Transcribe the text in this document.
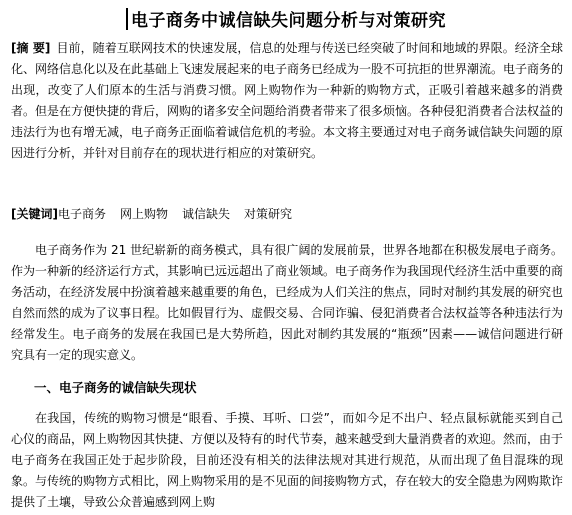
电子商务中诚信缺失问题分析与对策研究
[摘 要] 目前，随着互联网技术的快速发展，信息的处理与传送已经突破了时间和地域的界限。经济全球化、网络信息化以及在此基础上飞速发展起来的电子商务已经成为一股不可抗拒的世界潮流。电子商务的出现，改变了人们原本的生活与消费习惯。网上购物作为一种新的购物方式，正吸引着越来越多的消费者。但是在方便快捷的背后，网购的诸多安全问题给消费者带来了很多烦恼。各种侵犯消费者合法权益的违法行为也有增无减，电子商务正面临着诚信危机的考验。本文将主要通过对电子商务诚信缺失问题的原因进行分析，并针对目前存在的现状进行相应的对策研究。
[关键词]电子商务 网上购物 诚信缺失 对策研究
电子商务作为 21 世纪崭新的商务模式，具有很广阔的发展前景，世界各地都在积极发展电子商务。作为一种新的经济运行方式，其影响已远远超出了商业领域。电子商务作为我国现代经济生活中重要的商务活动，在经济发展中扮演着越来越重要的角色，已经成为人们关注的焦点，同时对制约其发展的研究也自然而然的成为了议事日程。比如假冒行为、虚假交易、合同诈骗、侵犯消费者合法权益等各种违法行为经常发生。电子商务的发展在我国已是大势所趋，因此对制约其发展的“瓶颈”因素——诚信问题进行研究具有一定的现实意义。
一、电子商务的诚信缺失现状
在我国，传统的购物习惯是“眼看、手摸、耳听、口尝”，而如今足不出户、轻点鼠标就能买到自己心仪的商品，网上购物因其快捷、方便以及特有的时代节奏，越来越受到大量消费者的欢迎。然而，由于电子商务在我国正处于起步阶段，目前还没有相关的法律法规对其进行规范，从而出现了鱼目混珠的现象。与传统的购物方式相比，网上购物采用的是不见面的间接购物方式，存在较大的安全隐患为网购欺诈提供了土壤，导致公众普遍感到网上购
